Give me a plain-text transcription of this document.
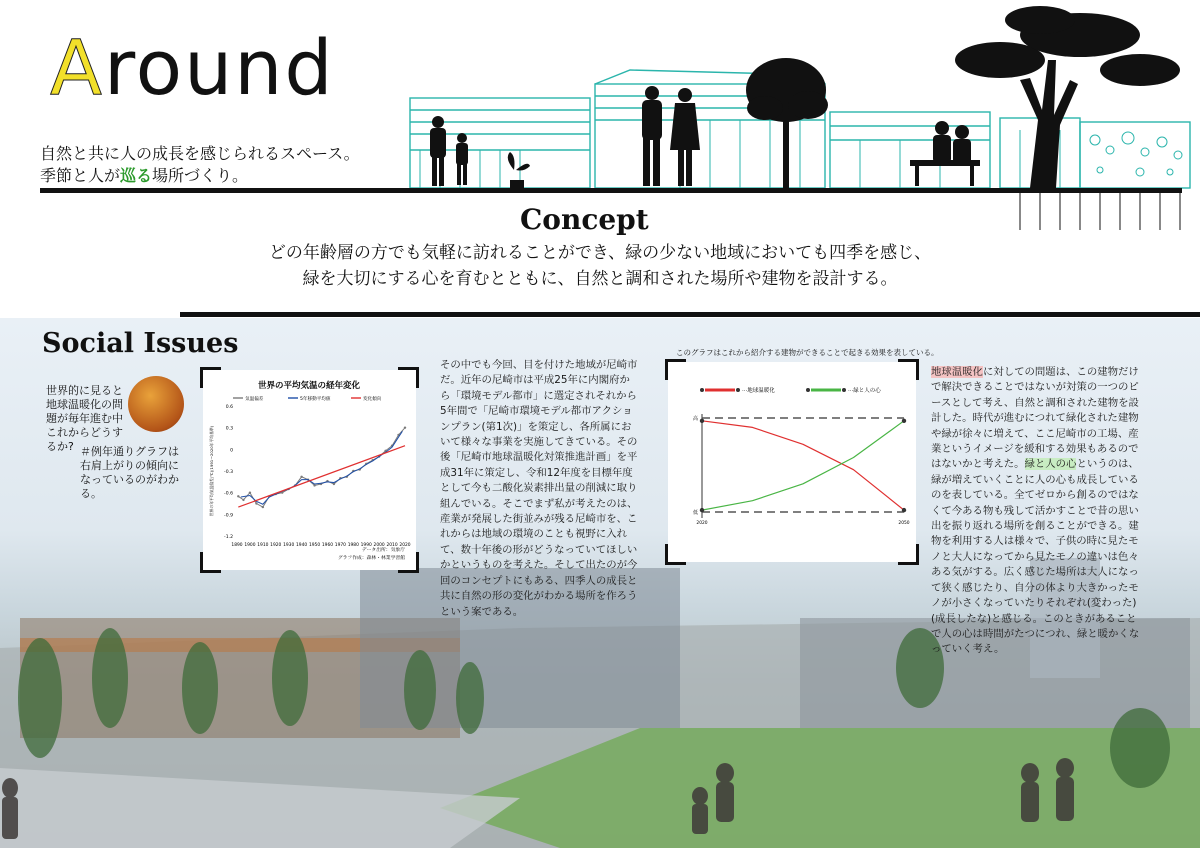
Around
自然と共に人の成長を感じられるスペース。
季節と人が巡る場所づくり。
Concept
どの年齢層の方でも気軽に訪れることができ、緑の少ない地域においても四季を感じ、
緑を大切にする心を育むとともに、自然と調和された場所や建物を設計する。
Social Issues
世界的に見ると地球温暖化の問題が毎年進む中これからどうするか? ＃例年通りグラフは右肩上がりの傾向になっているのがわかる。
世界の平均気温の経年変化
気温偏差	5年移動平均値	変化傾向
0.6
0.3
0
-0.3
-0.6
-0.9
-1.2
1890 1900 1910 1920 1930 1940 1950 1960 1970 1980 1990 2000 2010 2020
世界の年平均気温偏差(℃)(1991〜2020年平均基準)
データ出所：気象庁
グラフ作成：森林・林業学習館
その中でも今回、目を付けた地域が尼崎市だ。近年の尼崎市は平成25年に内閣府から「環境モデル都市」に選定されそれから5年間で「尼崎市環境モデル都市アクションプラン(第1次)」を策定し、各所属において様々な事業を実施してきている。その後「尼崎市地球温暖化対策推進計画」を平成31年に策定し、令和12年度を目標年度として今も二酸化炭素排出量の削減に取り組んでいる。そこでまず私が考えたのは、産業が発展した街並みが残る尼崎市を、これからは地域の環境のことも視野に入れて、数十年後の形がどうなっていてほしいかというものを考えた。そして出たのが今回のコンセプトにもある、四季人の成長と共に自然の形の変化がわかる場所を作ろうという案である。
このグラフはこれから紹介する建物ができることで起きる効果を表している。
···地球温暖化	···緑と人の心
高
低
2020	2050
地球温暖化に対しての問題は、この建物だけで解決できることではないが対策の一つのピースとして考え、自然と調和された建物を設計した。時代が進むにつれて緑化された建物や緑が徐々に増えて、ここ尼崎市の工場、産業というイメージを緩和する効果もあるのではないかと考えた。緑と人の心というのは、緑が増えていくことに人の心も成長しているのを表している。全てゼロから創るのではなくて今ある物も残して活かすことで昔の思い出を振り返れる場所を創ることができる。建物を利用する人は様々で、子供の時に見たモノと大人になってから見たモノの違いは色々ある気がする。広く感じた場所は大人になって狭く感じたり、自分の体より大きかったモノが小さくなっていたりそれぞれ(変わった)(成長したな)と感じる。このときがあることで人の心は時間がたつにつれ、緑と暖かくなっていく考え。
